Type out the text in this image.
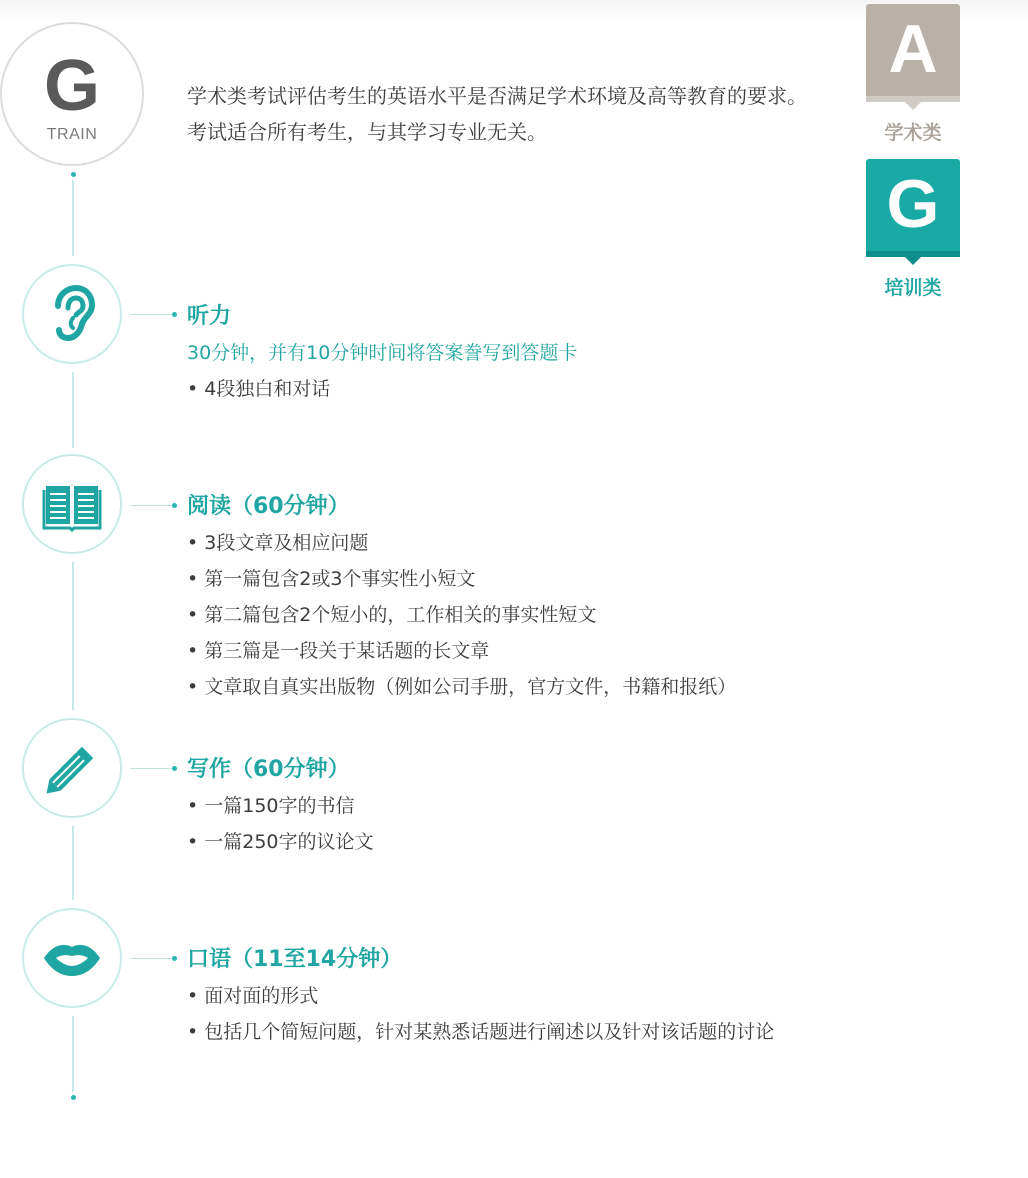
G
TRAIN
学术类考试评估考生的英语水平是否满足学术环境及高等教育的要求。
考试适合所有考生，与其学习专业无关。
A
学术类
G
培训类
听力
30分钟，并有10分钟时间将答案誊写到答题卡
• 4段独白和对话
阅读（60分钟）
• 3段文章及相应问题
• 第一篇包含2或3个事实性小短文
• 第二篇包含2个短小的，工作相关的事实性短文
• 第三篇是一段关于某话题的长文章
• 文章取自真实出版物（例如公司手册，官方文件，书籍和报纸）
写作（60分钟）
• 一篇150字的书信
• 一篇250字的议论文
口语（11至14分钟）
• 面对面的形式
• 包括几个简短问题，针对某熟悉话题进行阐述以及针对该话题的讨论
